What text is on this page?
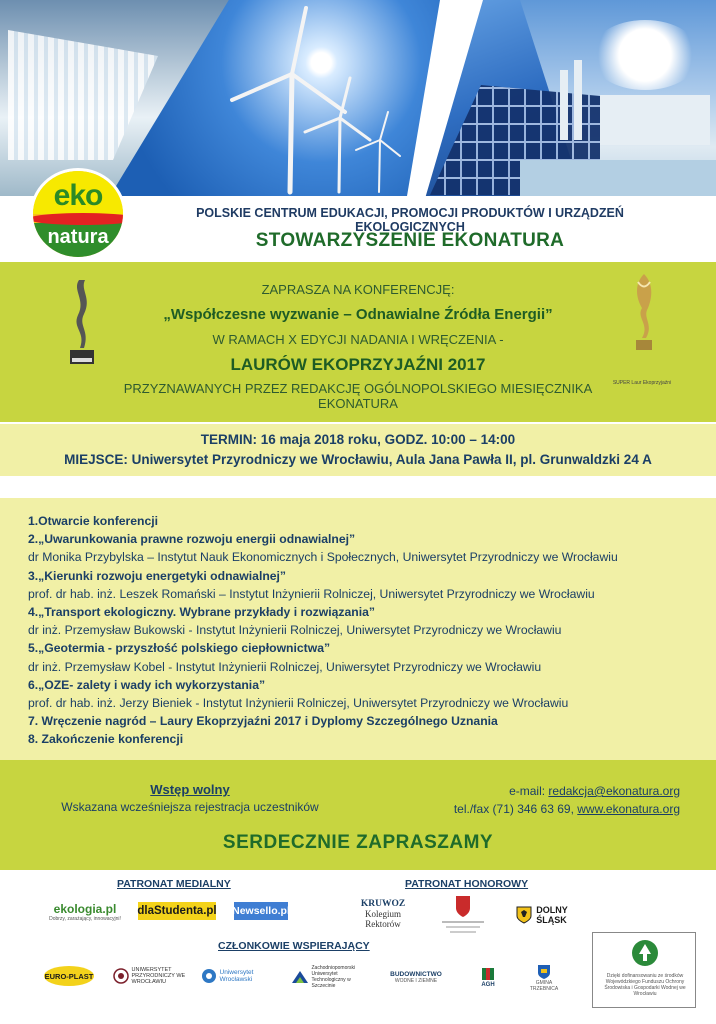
eko
natura
POLSKIE CENTRUM EDUKACJI, PROMOCJI PRODUKTÓW I URZĄDZEŃ EKOLOGICZNYCH
STOWARZYSZENIE EKONATURA
SUPER Laur Ekoprzyjaźni
ZAPRASZA NA KONFERENCJĘ:
„Współczesne wyzwanie – Odnawialne Źródła Energii”
W RAMACH X EDYCJI NADANIA I WRĘCZENIA -
LAURÓW EKOPRZYJAŹNI 2017
PRZYZNAWANYCH PRZEZ REDAKCJĘ OGÓLNOPOLSKIEGO MIESIĘCZNIKA EKONATURA
TERMIN: 16 maja 2018 roku, GODZ. 10:00 – 14:00
MIEJSCE: Uniwersytet Przyrodniczy we Wrocławiu, Aula Jana Pawła II, pl. Grunwaldzki 24 A
1.Otwarcie konferencji
2.„Uwarunkowania prawne rozwoju energii odnawialnej”
dr Monika Przybylska – Instytut Nauk Ekonomicznych i Społecznych, Uniwersytet Przyrodniczy we Wrocławiu
3.„Kierunki rozwoju energetyki odnawialnej”
prof. dr hab. inż. Leszek Romański – Instytut Inżynierii Rolniczej, Uniwersytet Przyrodniczy we Wrocławiu
4.„Transport ekologiczny. Wybrane przykłady i rozwiązania”
dr inż. Przemysław Bukowski - Instytut Inżynierii Rolniczej, Uniwersytet Przyrodniczy we Wrocławiu
5.„Geotermia - przyszłość polskiego ciepłownictwa”
dr inż. Przemysław Kobel - Instytut Inżynierii Rolniczej, Uniwersytet Przyrodniczy we Wrocławiu
6.„OZE- zalety i wady ich wykorzystania”
prof. dr hab. inż. Jerzy Bieniek - Instytut Inżynierii Rolniczej, Uniwersytet Przyrodniczy we Wrocławiu
7. Wręczenie nagród – Laury Ekoprzyjaźni 2017 i Dyplomy Szczególnego Uznania
8. Zakończenie konferencji
Wstęp wolny
Wskazana wcześniejsza rejestracja uczestników
e-mail: redakcja@ekonatura.org
tel./fax (71) 346 63 69, www.ekonatura.org
SERDECZNIE ZAPRASZAMY
PATRONAT MEDIALNY	PATRONAT HONOROWY
CZŁONKOWIE WSPIERAJĄCY
ekologia.pl
Dobrzy, zarażający, innowacyjni!
dlaStudenta.pl Newsello.pl
KRUWOZ
Kolegium
Rektorów
DOLNY
ŚLĄSK
EURO-PLAST
UNIWERSYTET PRZYRODNICZY WE WROCŁAWIU
Uniwersytet Wrocławski
Zachodniopomorski Uniwersytet Technologiczny w Szczecinie
BUDOWNICTWO
WODNE I ZIEMNE
AGH	GMINA TRZEBNICA
Dzięki dofinansowaniu ze środków Wojewódzkiego Funduszu Ochrony Środowiska i Gospodarki Wodnej we Wrocławiu
